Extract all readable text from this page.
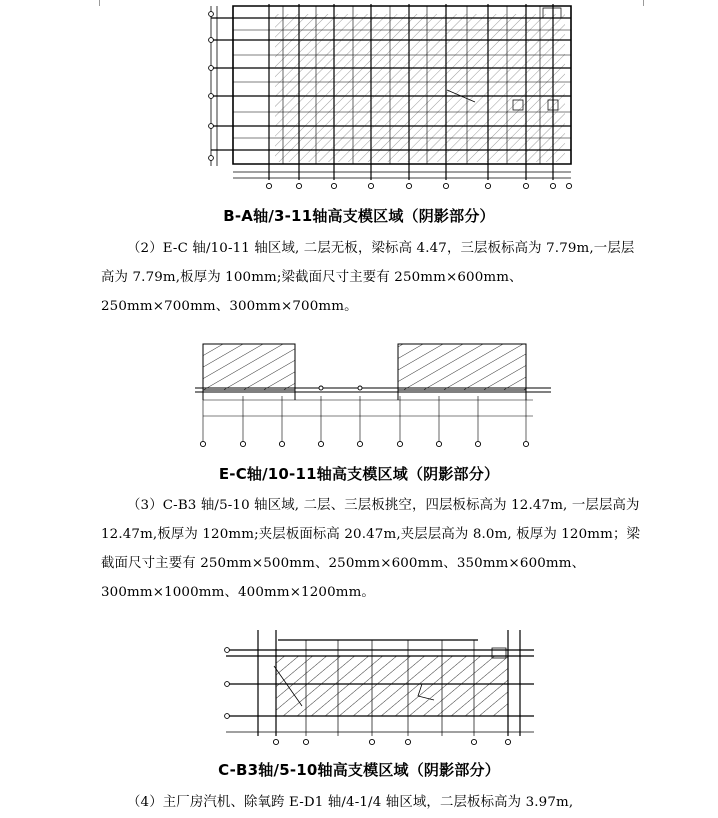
B-A轴/3-11轴高支模区域（阴影部分）
（2）E-C 轴/10-11 轴区域, 二层无板，梁标高 4.47，三层板标高为 7.79m,一层层高为 7.79m,板厚为 100mm;梁截面尺寸主要有 250mm×600mm、250mm×700mm、300mm×700mm。
E-C轴/10-11轴高支模区域（阴影部分）
（3）C-B3 轴/5-10 轴区域, 二层、三层板挑空，四层板标高为 12.47m, 一层层高为 12.47m,板厚为 120mm;夹层板面标高 20.47m,夹层层高为 8.0m, 板厚为 120mm；梁截面尺寸主要有 250mm×500mm、250mm×600mm、350mm×600mm、300mm×1000mm、400mm×1200mm。
C-B3轴/5-10轴高支模区域（阴影部分）
（4）主厂房汽机、除氧跨 E-D1 轴/4-1/4 轴区域，二层板标高为 3.97m,
